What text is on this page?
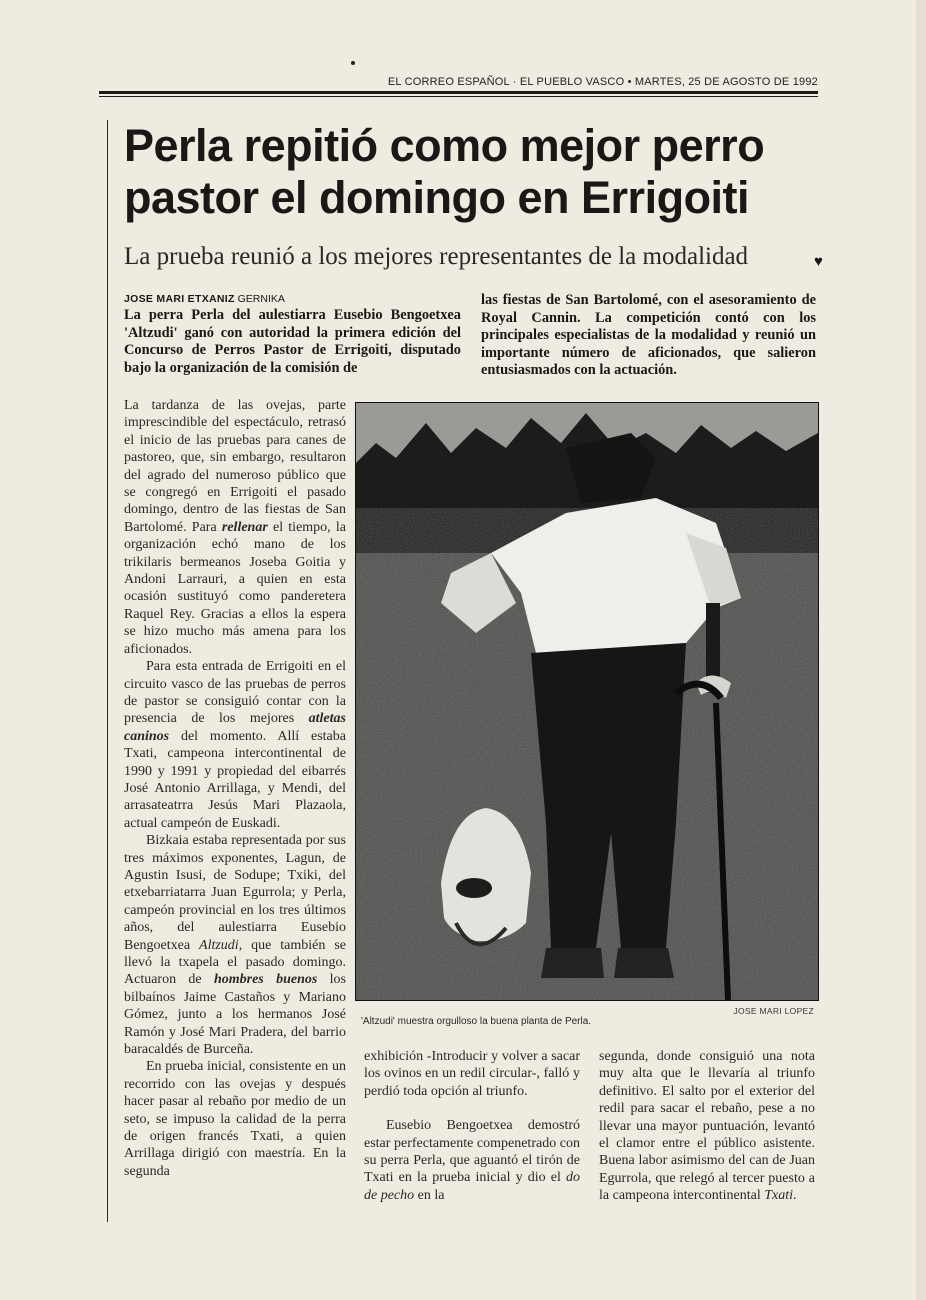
EL CORREO ESPAÑOL · EL PUEBLO VASCO • MARTES, 25 DE AGOSTO DE 1992
Perla repitió como mejor perro pastor el domingo en Errigoiti
La prueba reunió a los mejores representantes de la modalidad	♥
JOSE MARI ETXANIZ GERNIKA
La perra Perla del aulestiarra Eusebio Bengoetxea 'Altzudi' ganó con autoridad la primera edición del Concurso de Perros Pastor de Errigoiti, disputado bajo la organización de la comisión de
las fiestas de San Bartolomé, con el asesoramiento de Royal Cannin. La competición contó con los principales especialistas de la modalidad y reunió un importante número de aficionados, que salieron entusiasmados con la actuación.

La tardanza de las ovejas, parte imprescindible del espectáculo, retrasó el inicio de las pruebas para canes de pastoreo, que, sin embargo, resultaron del agrado del numeroso público que se congregó en Errigoiti el pasado domingo, dentro de las fiestas de San Bartolomé. Para rellenar el tiempo, la organización echó mano de los trikilaris bermeanos Joseba Goitia y Andoni Larrauri, a quien en esta ocasión sustituyó como panderetera Raquel Rey. Gracias a ellos la espera se hizo mucho más amena para los aficionados.

Para esta entrada de Errigoiti en el circuito vasco de las pruebas de perros de pastor se consiguió contar con la presencia de los mejores atletas caninos del momento. Allí estaba Txati, campeona intercontinental de 1990 y 1991 y propiedad del eibarrés José Antonio Arrillaga, y Mendi, del arrasateatrra Jesús Mari Plazaola, actual campeón de Euskadi.

Bizkaia estaba representada por sus tres máximos exponentes, Lagun, de Agustin Isusi, de Sodupe; Txiki, del etxebarriatarra Juan Egurrola; y Perla, campeón provincial en los tres últimos años, del aulestiarra Eusebio Bengoetxea Altzudi, que también se llevó la txapela el pasado domingo. Actuaron de hombres buenos los bilbaínos Jaime Castaños y Mariano Gómez, junto a los hermanos José Ramón y José Mari Pradera, del barrio baracaldés de Burceña.

En prueba inicial, consistente en un recorrido con las ovejas y después hacer pasar al rebaño por medio de un seto, se impuso la calidad de la perra de origen francés Txati, a quien Arrillaga dirigió con maestría. En la segunda

JOSE MARI LOPEZ
'Altzudi' muestra orgulloso la buena planta de Perla.

exhibición -Introducir y volver a sacar los ovinos en un redil circular-, falló y perdió toda opción al triunfo.

Eusebio Bengoetxea demostró estar perfectamente compenetrado con su perra Perla, que aguantó el tirón de Txati en la prueba inicial y dio el do de pecho en la

segunda, donde consiguió una nota muy alta que le llevaría al triunfo definitivo. El salto por el exterior del redil para sacar el rebaño, pese a no llevar una mayor puntuación, levantó el clamor entre el público asistente. Buena labor asimismo del can de Juan Egurrola, que relegó al tercer puesto a la campeona intercontinental Txati.
